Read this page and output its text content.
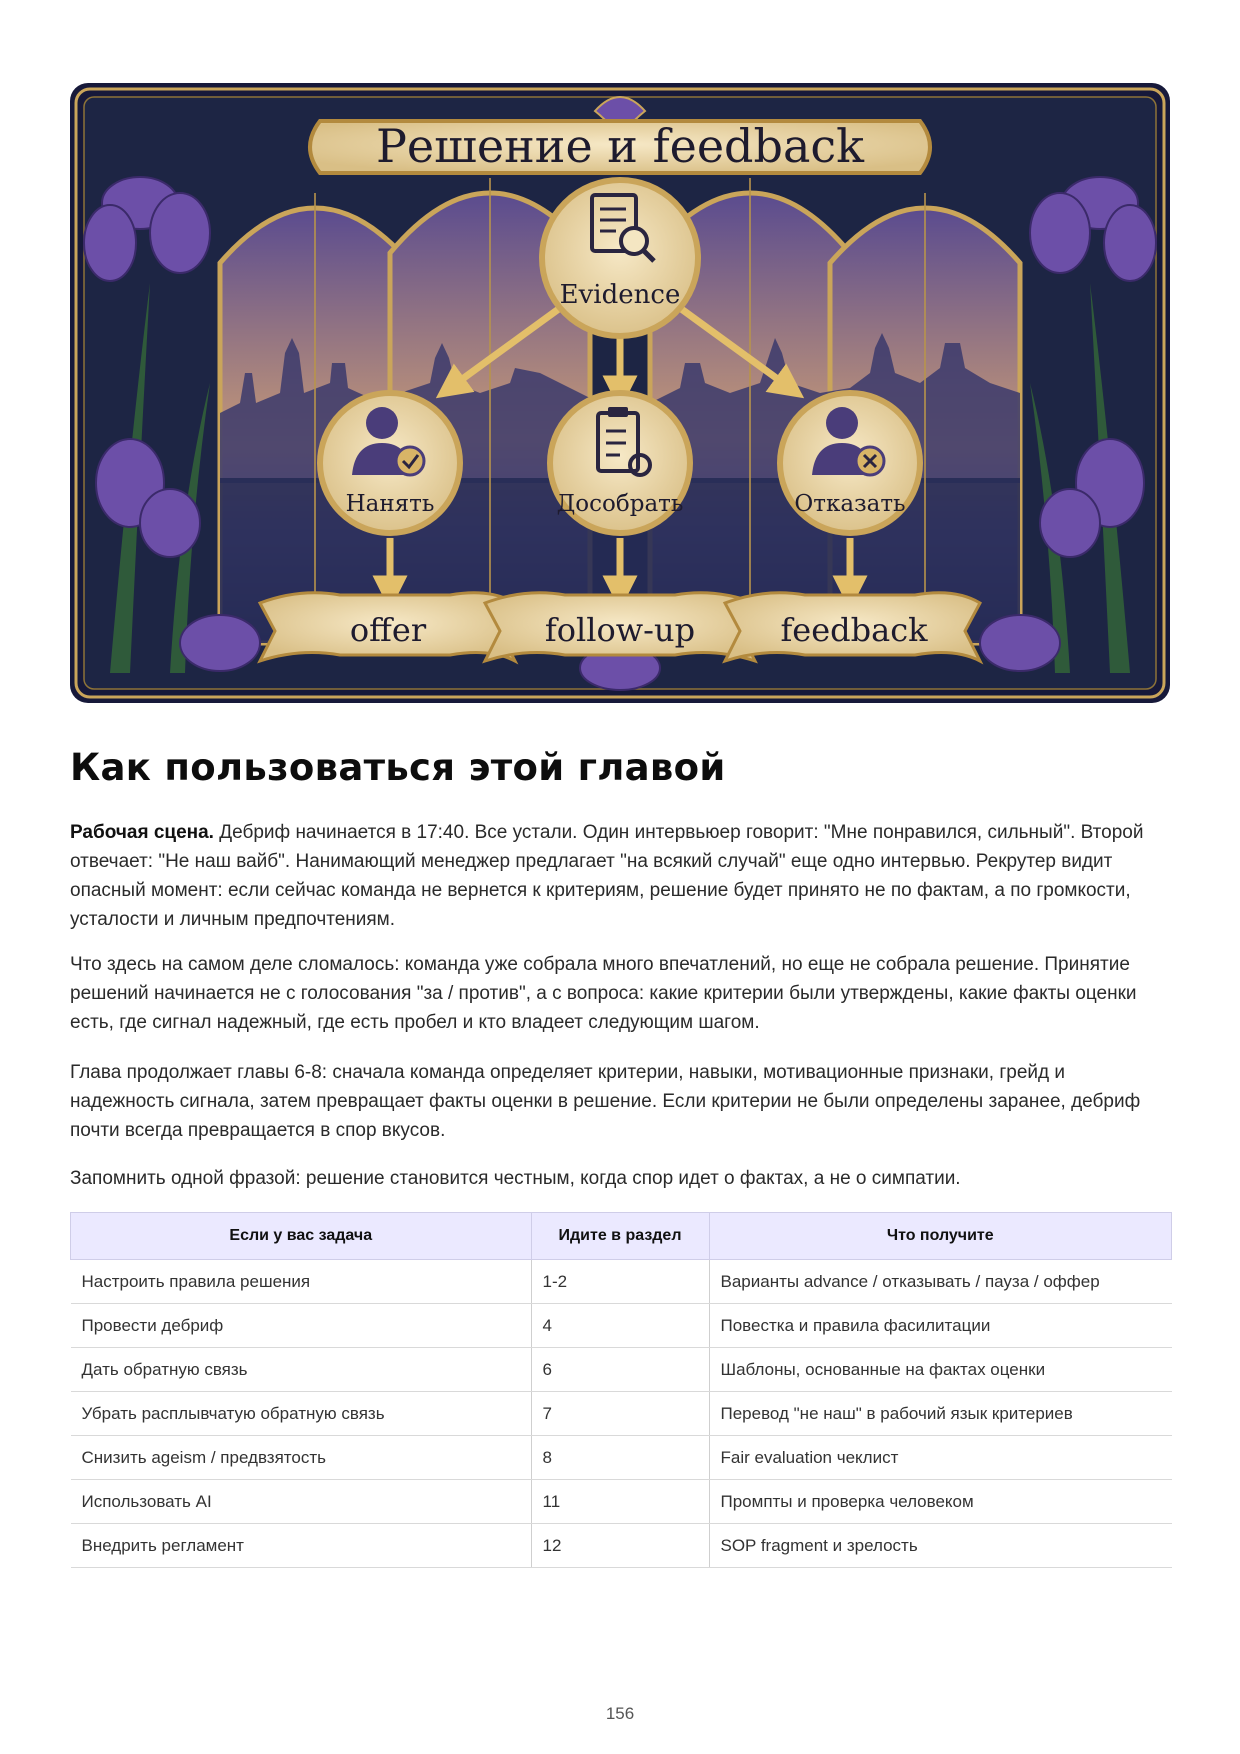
Решение и feedback
Evidence
Нанять	Дособрать	Отказать
offer	follow-up	feedback
Как пользоваться этой главой

Рабочая сцена. Дебриф начинается в 17:40. Все устали. Один интервьюер говорит: "Мне понравился, сильный". Второй отвечает: "Не наш вайб". Нанимающий менеджер предлагает "на всякий случай" еще одно интервью. Рекрутер видит опасный момент: если сейчас команда не вернется к критериям, решение будет принято не по фактам, а по громкости, усталости и личным предпочтениям.

Что здесь на самом деле сломалось: команда уже собрала много впечатлений, но еще не собрала решение. Принятие решений начинается не с голосования "за / против", а с вопроса: какие критерии были утверждены, какие факты оценки есть, где сигнал надежный, где есть пробел и кто владеет следующим шагом.

Глава продолжает главы 6-8: сначала команда определяет критерии, навыки, мотивационные признаки, грейд и надежность сигнала, затем превращает факты оценки в решение. Если критерии не были определены заранее, дебриф почти всегда превращается в спор вкусов.

Запомнить одной фразой: решение становится честным, когда спор идет о фактах, а не о симпатии.

Если у вас задача	Идите в раздел	Что получите
Настроить правила решения	1-2	Варианты advance / отказывать / пауза / оффер
Провести дебриф	4	Повестка и правила фасилитации
Дать обратную связь	6	Шаблоны, основанные на фактах оценки
Убрать расплывчатую обратную связь	7	Перевод "не наш" в рабочий язык критериев
Снизить ageism / предвзятость	8	Fair evaluation чеклист
Использовать AI	11	Промпты и проверка человеком
Внедрить регламент	12	SOP fragment и зрелость
156
